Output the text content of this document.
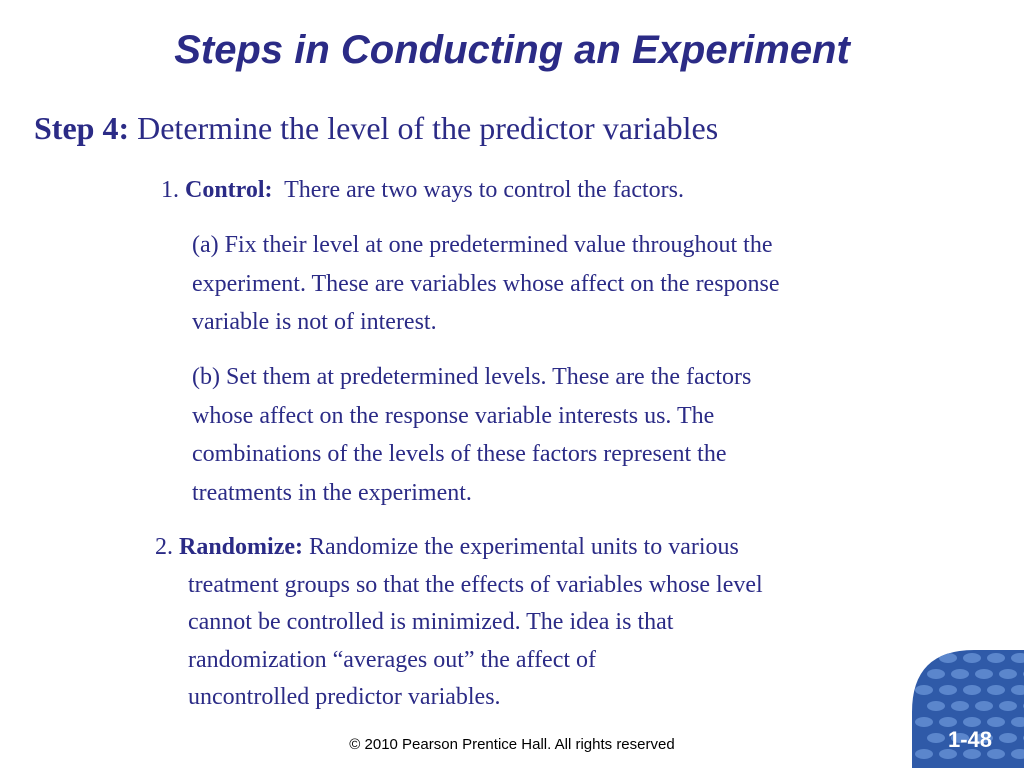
Steps in Conducting an Experiment
Step 4: Determine the level of the predictor variables
1. Control: There are two ways to control the factors.
(a) Fix their level at one predetermined value throughout the
experiment. These are variables whose affect on the response
variable is not of interest.
(b) Set them at predetermined levels. These are the factors
whose affect on the response variable interests us. The
combinations of the levels of these factors represent the
treatments in the experiment.
2. Randomize: Randomize the experimental units to various
treatment groups so that the effects of variables whose level
cannot be controlled is minimized. The idea is that
randomization “averages out” the affect of
uncontrolled predictor variables.
© 2010 Pearson Prentice Hall. All rights reserved	1-48
